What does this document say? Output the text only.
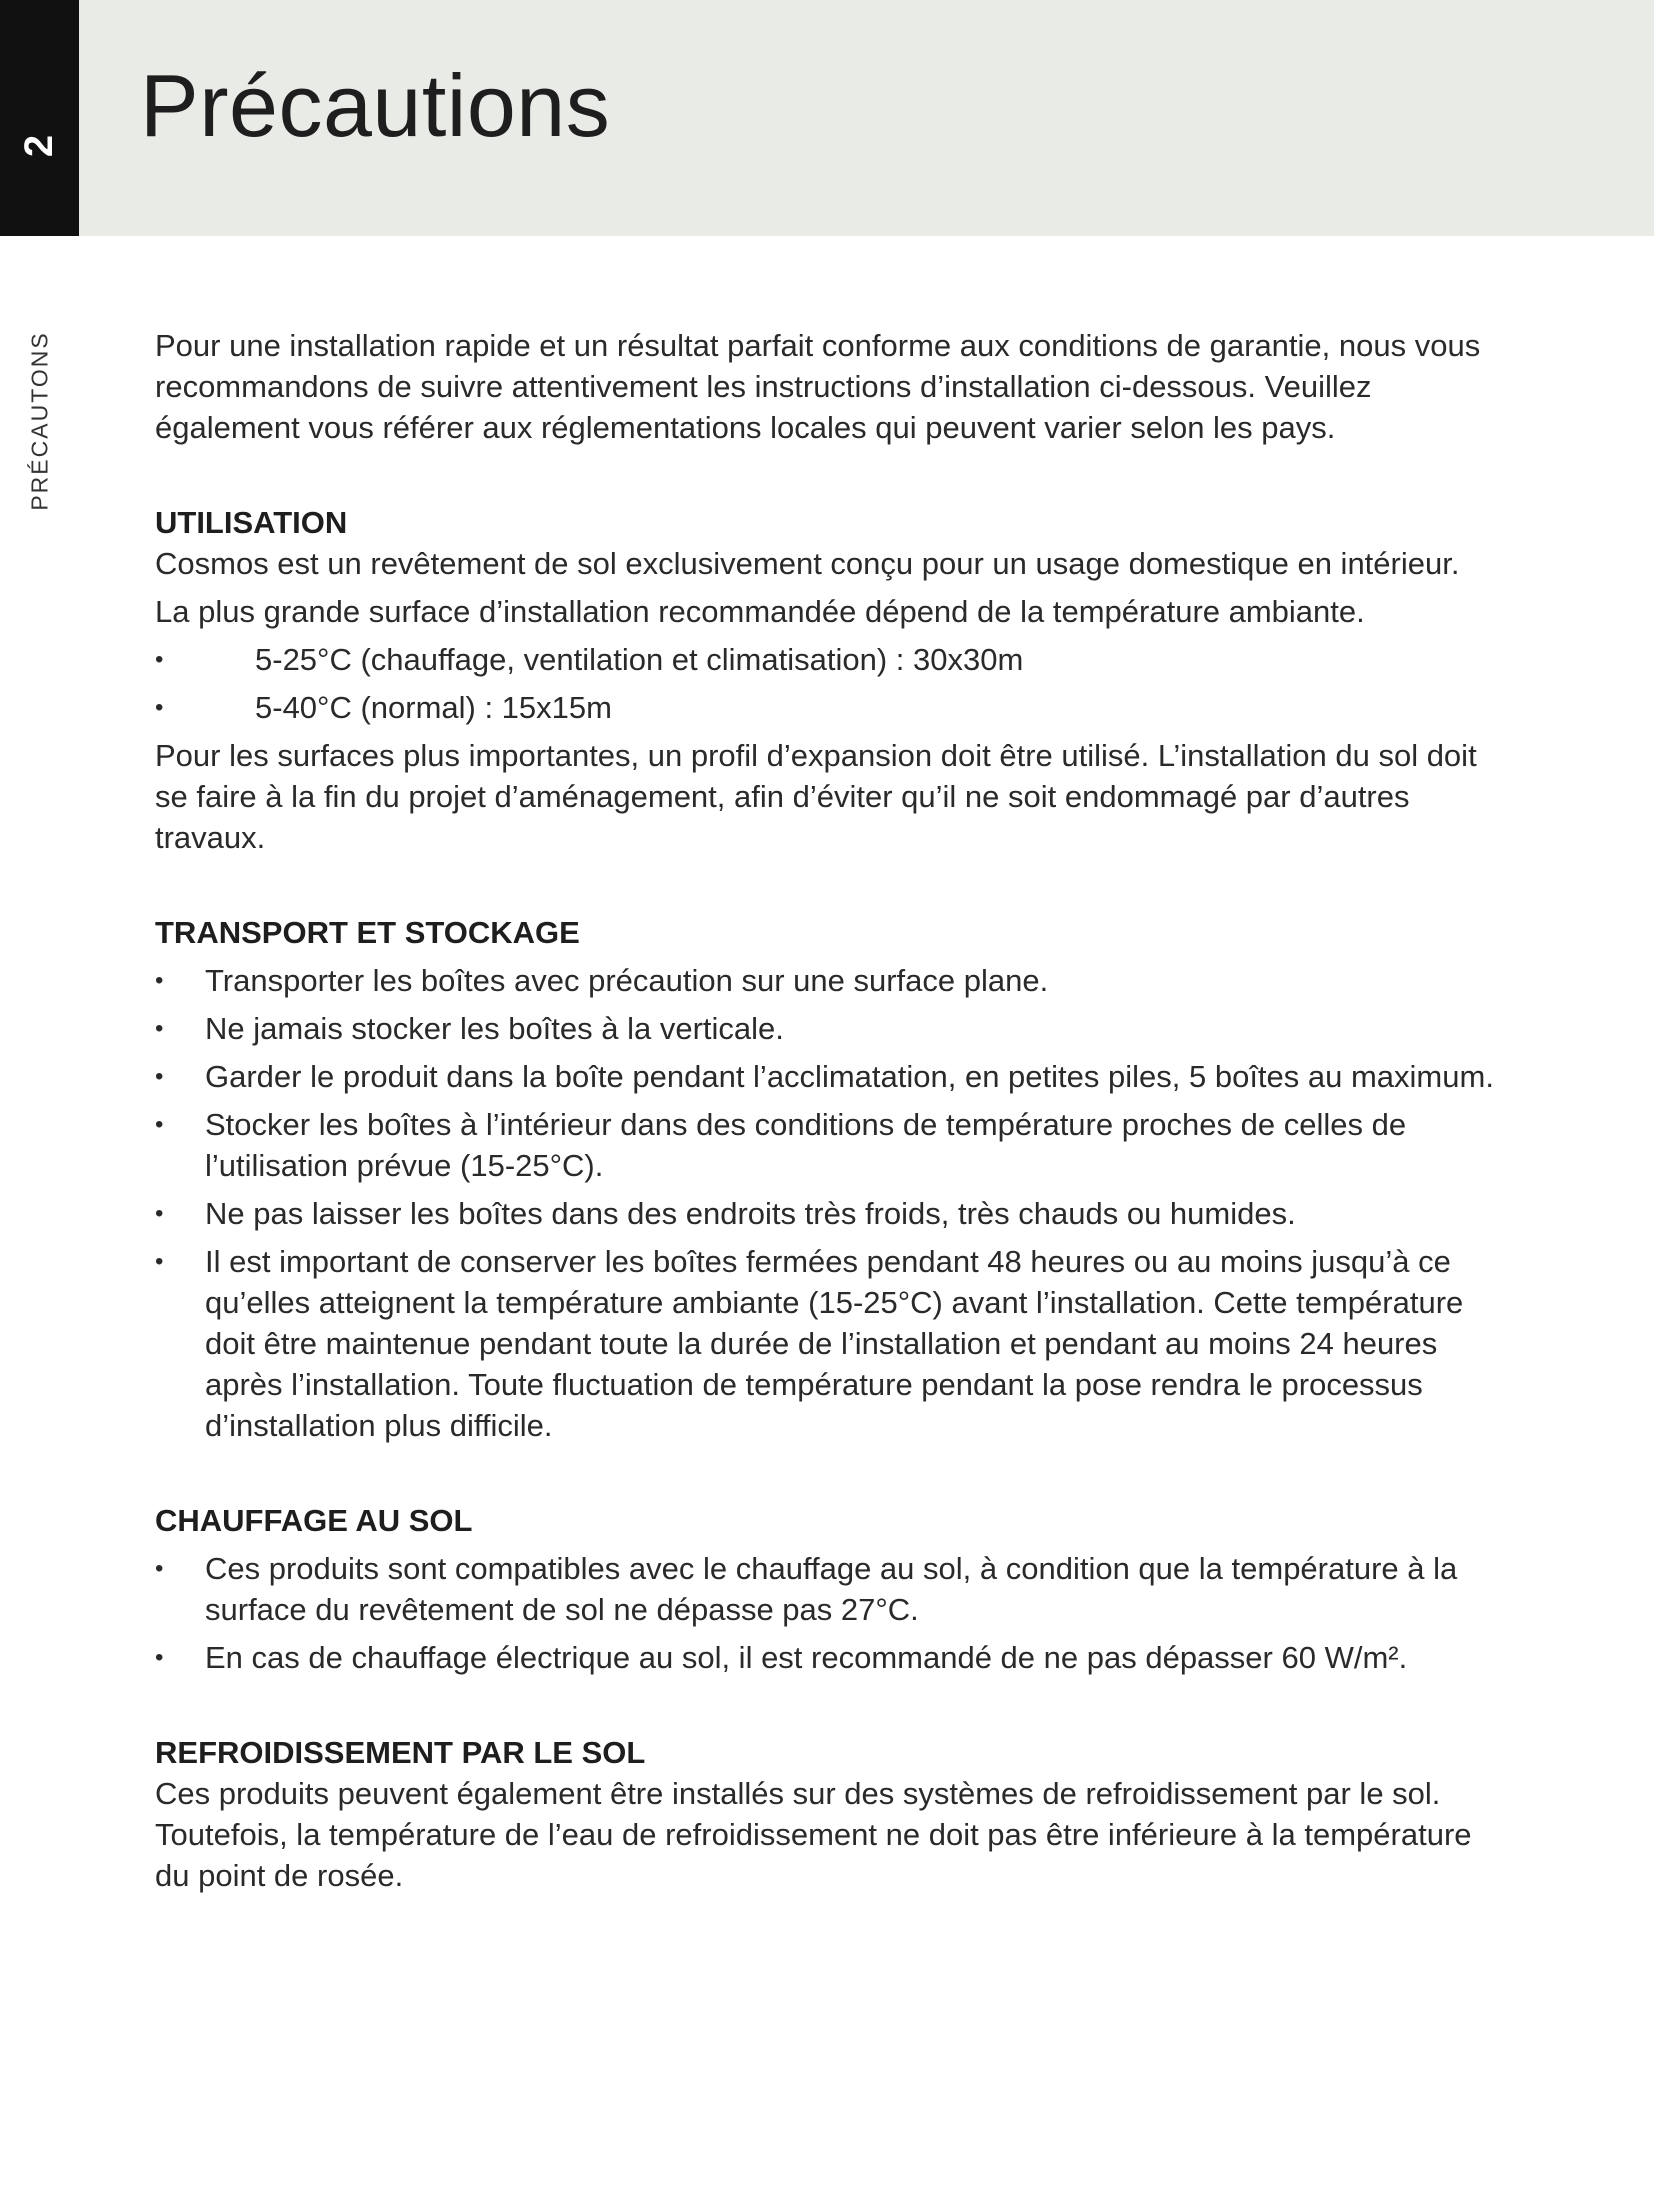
2 Précautions
PRÉCAUTONS	Pour une installation rapide et un résultat parfait conforme aux conditions de garantie, nous vous recommandons de suivre attentivement les instructions d’installation ci-dessous. Veuillez également vous référer aux réglementations locales qui peuvent varier selon les pays.

UTILISATION

Cosmos est un revêtement de sol exclusivement conçu pour un usage domestique en intérieur.

La plus grande surface d’installation recommandée dépend de la température ambiante.

•	5-25°C (chauffage, ventilation et climatisation) : 30x30m
•	5-40°C (normal) : 15x15m

Pour les surfaces plus importantes, un profil d’expansion doit être utilisé. L’installation du sol doit se faire à la fin du projet d’aménagement, afin d’éviter qu’il ne soit endommagé par d’autres travaux.

TRANSPORT ET STOCKAGE
•	Transporter les boîtes avec précaution sur une surface plane.
•	Ne jamais stocker les boîtes à la verticale.
•	Garder le produit dans la boîte pendant l’acclimatation, en petites piles, 5 boîtes au maximum.
•	Stocker les boîtes à l’intérieur dans des conditions de température proches de celles de l’utilisation prévue (15-25°C).
•	Ne pas laisser les boîtes dans des endroits très froids, très chauds ou humides.
•	Il est important de conserver les boîtes fermées pendant 48 heures ou au moins jusqu’à ce qu’elles atteignent la température ambiante (15-25°C) avant l’installation. Cette température doit être maintenue pendant toute la durée de l’installation et pendant au moins 24 heures après l’installation. Toute fluctuation de température pendant la pose rendra le processus d’installation plus difficile.
CHAUFFAGE AU SOL
•	Ces produits sont compatibles avec le chauffage au sol, à condition que la température à la surface du revêtement de sol ne dépasse pas 27°C.
•	En cas de chauffage électrique au sol, il est recommandé de ne pas dépasser 60 W/m².
REFROIDISSEMENT PAR LE SOL

Ces produits peuvent également être installés sur des systèmes de refroidissement par le sol. Toutefois, la température de l’eau de refroidissement ne doit pas être inférieure à la température du point de rosée.
